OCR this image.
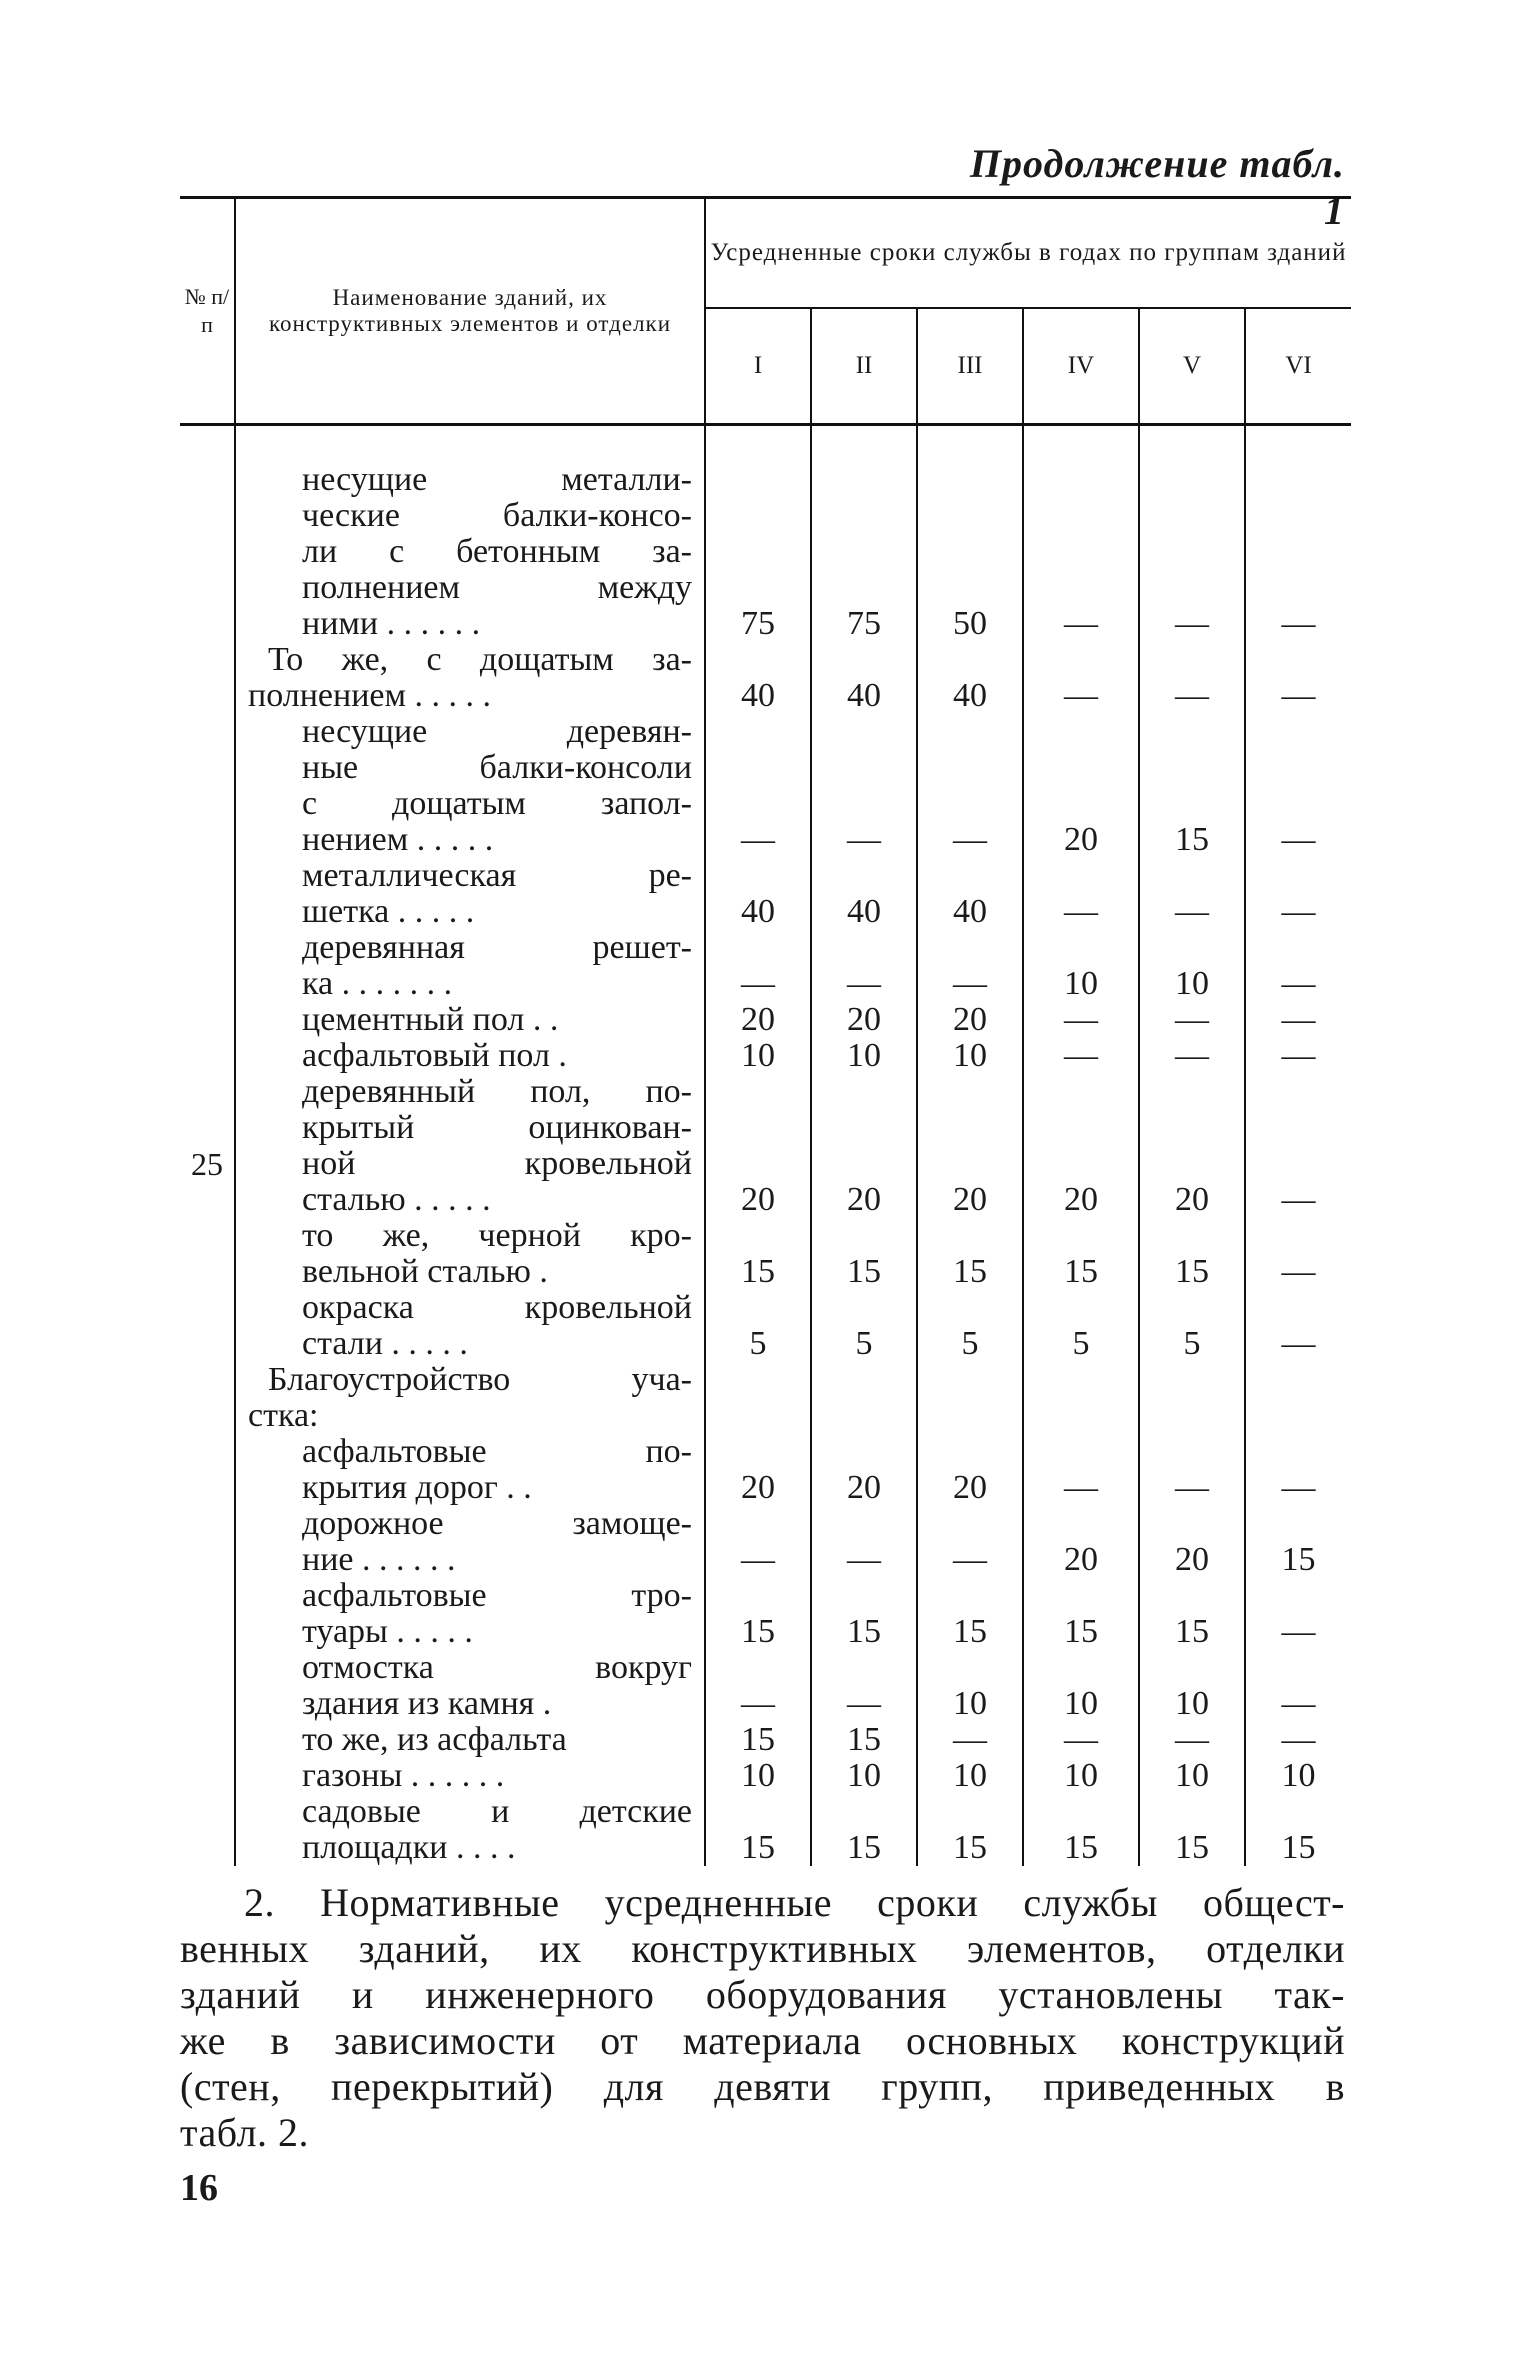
Продолжение табл. 1
№ п/п	Наименование зданий, их конструктивных элементов и отделки	Усредненные сроки службы в годах по группам зданий					
		I	II	III	IV	V	VI

25	несущие металли-
ческие балки-консо-
ли с бетонным за-
полнением между
ними . . . . . .	75	75	50	—	—	—

	То же, с дощатым за-
полнением . . . . .	40	40	40	—	—	—

	несущие деревян-
ные балки-консоли
с дощатым запол-
нением . . . . .	—	—	—	20	15	—

	металлическая ре-
шетка . . . . .	40	40	40	—	—	—

	деревянная решет-
ка . . . . . . .	—	—	—	10	10	—

	цементный пол . .	20	20	20	—	—	—

	асфальтовый пол .	10	10	10	—	—	—

	деревянный пол, по-
крытый оцинкован-
ной кровельной
сталью . . . . .	20	20	20	20	20	—

	то же, черной кро-
вельной сталью .	15	15	15	15	15	—

	окраска кровельной
стали . . . . .	5	5	5	5	5	—

	Благоустройство уча-
стка:						

	асфальтовые по-
крытия дорог . .	20	20	20	—	—	—

	дорожное замоще-
ние . . . . . .	—	—	—	20	20	15

	асфальтовые тро-
туары . . . . .	15	15	15	15	15	—

	отмостка вокруг
здания из камня .	—	—	10	10	10	—

	то же, из асфальта	15	15	—	—	—	—

	газоны . . . . . .	10	10	10	10	10	10

	садовые и детские
площадки . . . .	15	15	15	15	15	15
2. Нормативные усредненные сроки службы общест-
венных зданий, их конструктивных элементов, отделки
зданий и инженерного оборудования установлены так-
же в зависимости от материала основных конструкций
(стен, перекрытий) для девяти групп, приведенных в
табл. 2.
16
